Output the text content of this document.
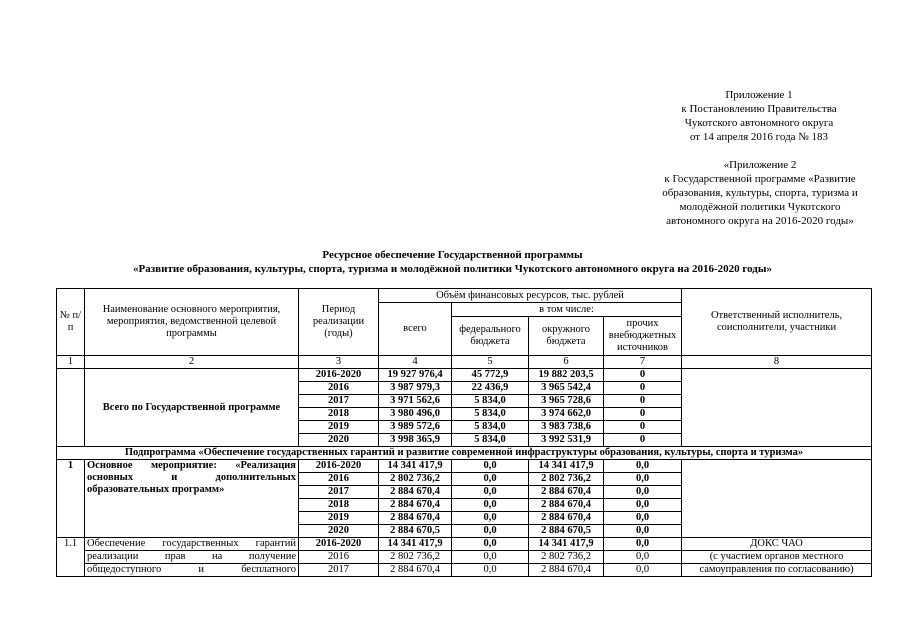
Приложение 1
к Постановлению Правительства
Чукотского автономного округа
от 14 апреля 2016 года № 183
«Приложение 2
к Государственной программе «Развитие
образования, культуры, спорта, туризма и
молодёжной политики Чукотского
автономного округа на 2016-2020 годы»
Ресурсное обеспечение Государственной программы
«Развитие образования, культуры, спорта, туризма и молодёжной политики Чукотского автономного округа на 2016-2020 годы»
№ п/п	Наименование основного мероприятия, мероприятия, ведомственной целевой программы	Период реализации (годы)	Объём финансовых ресурсов, тыс. рублей				Ответственный исполнитель, соисполнители, участники
			всего	в том числе:			
				федерального бюджета	окружного бюджета	прочих внебюджетных источников	
1	2	3	4	5	6	7	8
	Всего по Государственной программе	2016-2020	19 927 976,4	45 772,9	19 882 203,5	0	
		2016	3 987 979,3	22 436,9	3 965 542,4	0	
		2017	3 971 562,6	5 834,0	3 965 728,6	0	
		2018	3 980 496,0	5 834,0	3 974 662,0	0	
		2019	3 989 572,6	5 834,0	3 983 738,6	0	
		2020	3 998 365,9	5 834,0	3 992 531,9	0	
Подпрограмма «Обеспечение государственных гарантий и развитие современной инфраструктуры образования, культуры, спорта и туризма»							
1	Основное мероприятие: «Реализация основных и дополнительных образовательных программ»	2016-2020	14 341 417,9	0,0	14 341 417,9	0,0	
		2016	2 802 736,2	0,0	2 802 736,2	0,0	
		2017	2 884 670,4	0,0	2 884 670,4	0,0	
		2018	2 884 670,4	0,0	2 884 670,4	0,0	
		2019	2 884 670,4	0,0	2 884 670,4	0,0	
		2020	2 884 670,5	0,0	2 884 670,5	0,0	
1.1	Обеспечение государственных гарантий	2016-2020	14 341 417,9	0,0	14 341 417,9	0,0	ДОКС ЧАО
	реализации прав на получение	2016	2 802 736,2	0,0	2 802 736,2	0,0	(с участием органов местного
	общедоступного и бесплатного	2017	2 884 670,4	0,0	2 884 670,4	0,0	самоуправления по согласованию)
